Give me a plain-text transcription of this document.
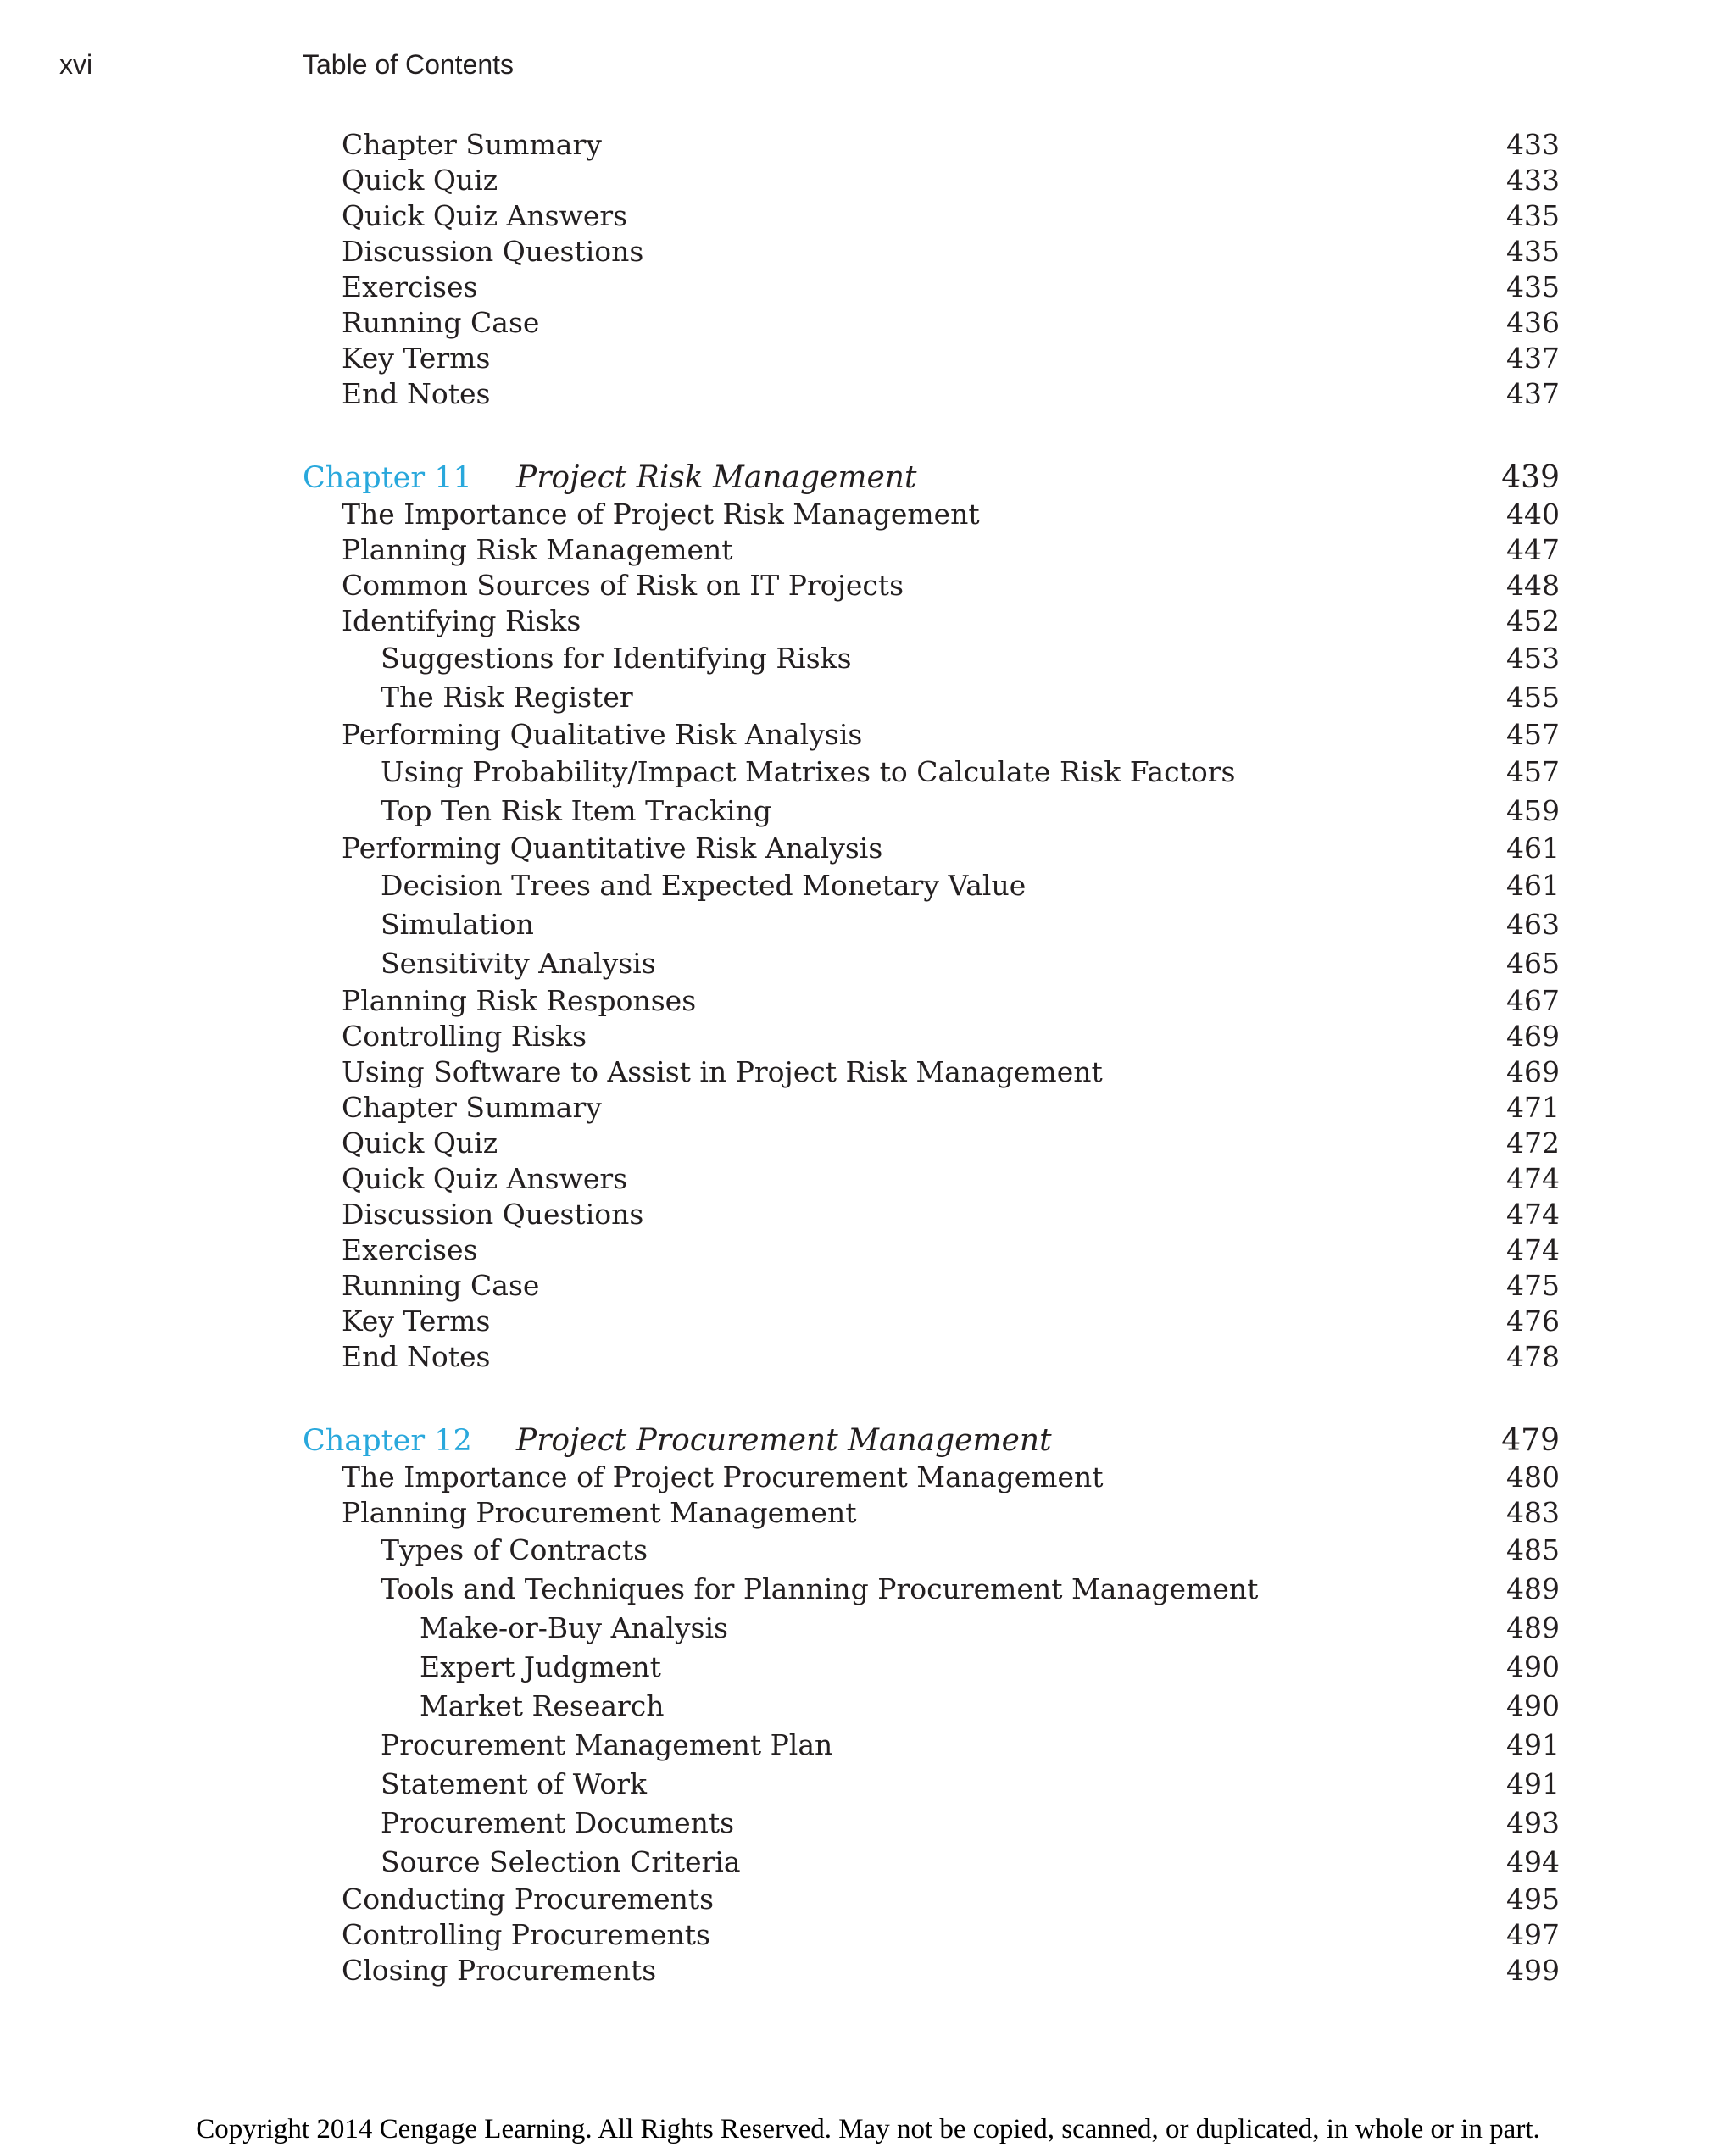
xvi	Table of Contents
Chapter Summary	433
Quick Quiz	433
Quick Quiz Answers	435
Discussion Questions	435
Exercises	435
Running Case	436
Key Terms	437
End Notes	437
Chapter 11 Project Risk Management	439
The Importance of Project Risk Management	440
Planning Risk Management	447
Common Sources of Risk on IT Projects	448
Identifying Risks	452
Suggestions for Identifying Risks	453
The Risk Register	455
Performing Qualitative Risk Analysis	457
Using Probability/Impact Matrixes to Calculate Risk Factors	457
Top Ten Risk Item Tracking	459
Performing Quantitative Risk Analysis	461
Decision Trees and Expected Monetary Value	461
Simulation	463
Sensitivity Analysis	465
Planning Risk Responses	467
Controlling Risks	469
Using Software to Assist in Project Risk Management	469
Chapter Summary	471
Quick Quiz	472
Quick Quiz Answers	474
Discussion Questions	474
Exercises	474
Running Case	475
Key Terms	476
End Notes	478
Chapter 12 Project Procurement Management	479
The Importance of Project Procurement Management	480
Planning Procurement Management	483
Types of Contracts	485
Tools and Techniques for Planning Procurement Management	489
Make-or-Buy Analysis	489
Expert Judgment	490
Market Research	490
Procurement Management Plan	491
Statement of Work	491
Procurement Documents	493
Source Selection Criteria	494
Conducting Procurements	495
Controlling Procurements	497
Closing Procurements	499
Copyright 2014 Cengage Learning. All Rights Reserved. May not be copied, scanned, or duplicated, in whole or in part.
